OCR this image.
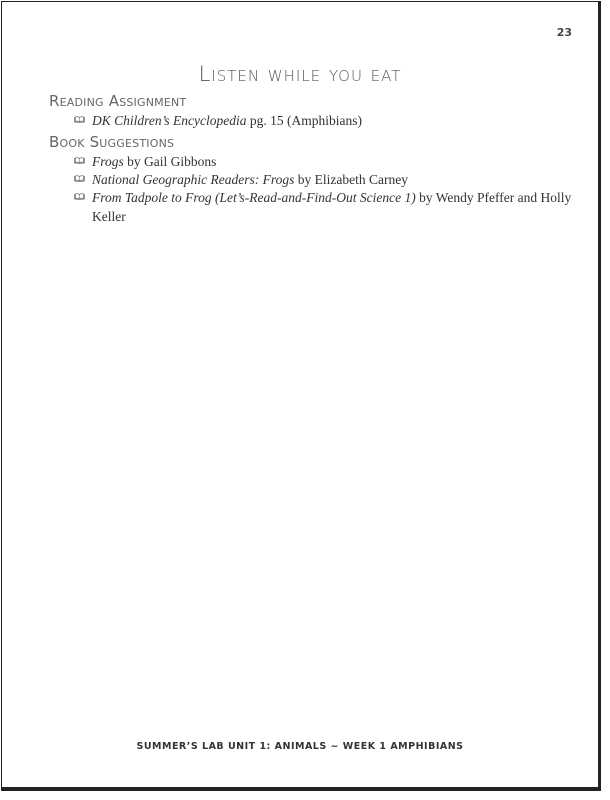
23
Listen while you eat
Reading Assignment
DK Children’s Encyclopedia pg. 15 (Amphibians)
Book Suggestions
Frogs by Gail Gibbons
National Geographic Readers: Frogs by Elizabeth Carney
From Tadpole to Frog (Let’s-Read-and-Find-Out Science 1) by Wendy Pfeffer and Holly Keller
SUMMER’S LAB UNIT 1: ANIMALS ~ WEEK 1 AMPHIBIANS
